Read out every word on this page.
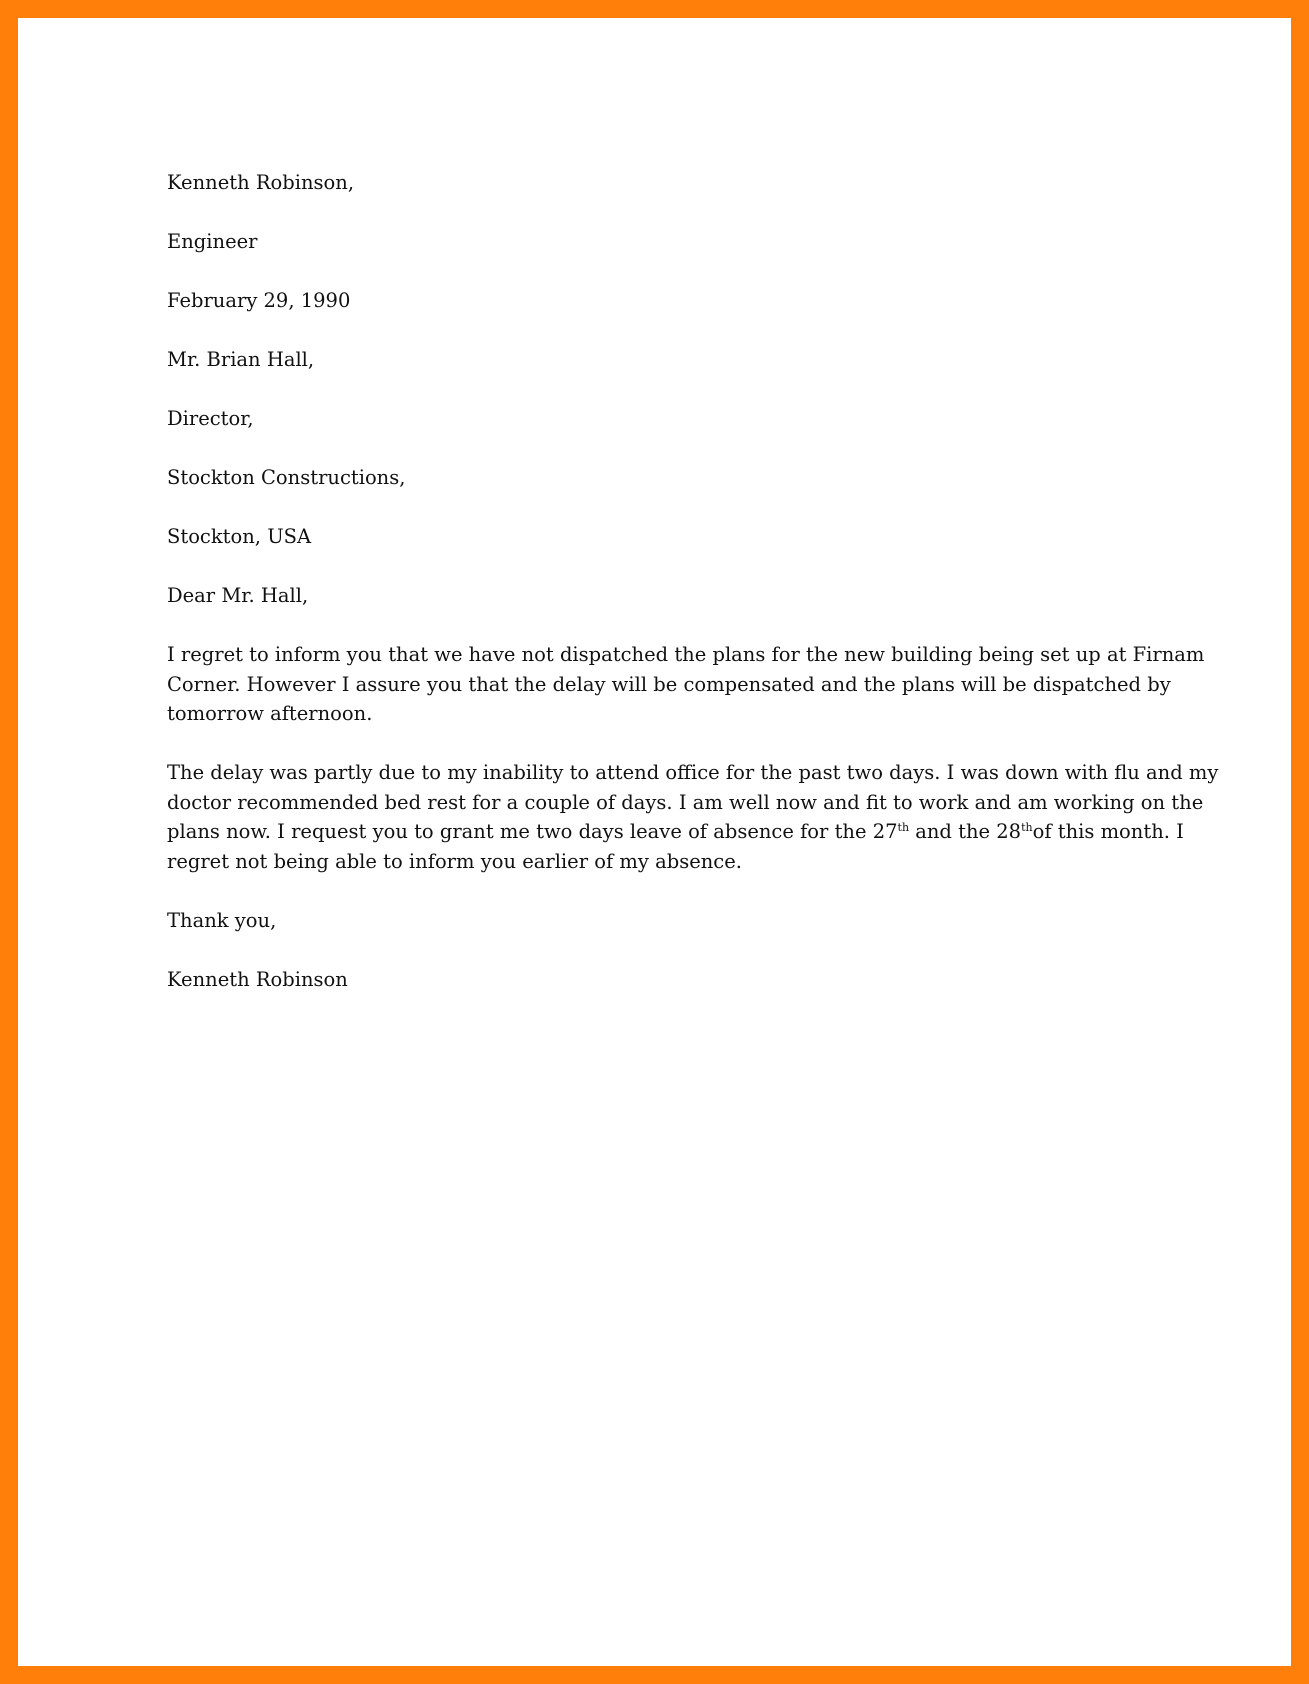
Kenneth Robinson,
Engineer
February 29, 1990
Mr. Brian Hall,
Director,
Stockton Constructions,
Stockton, USA
Dear Mr. Hall,
I regret to inform you that we have not dispatched the plans for the new building being set up at Firnam
Corner. However I assure you that the delay will be compensated and the plans will be dispatched by
tomorrow afternoon.
The delay was partly due to my inability to attend office for the past two days. I was down with flu and my
doctor recommended bed rest for a couple of days. I am well now and fit to work and am working on the
plans now. I request you to grant me two days leave of absence for the 27th and the 28thof this month. I
regret not being able to inform you earlier of my absence.
Thank you,
Kenneth Robinson
